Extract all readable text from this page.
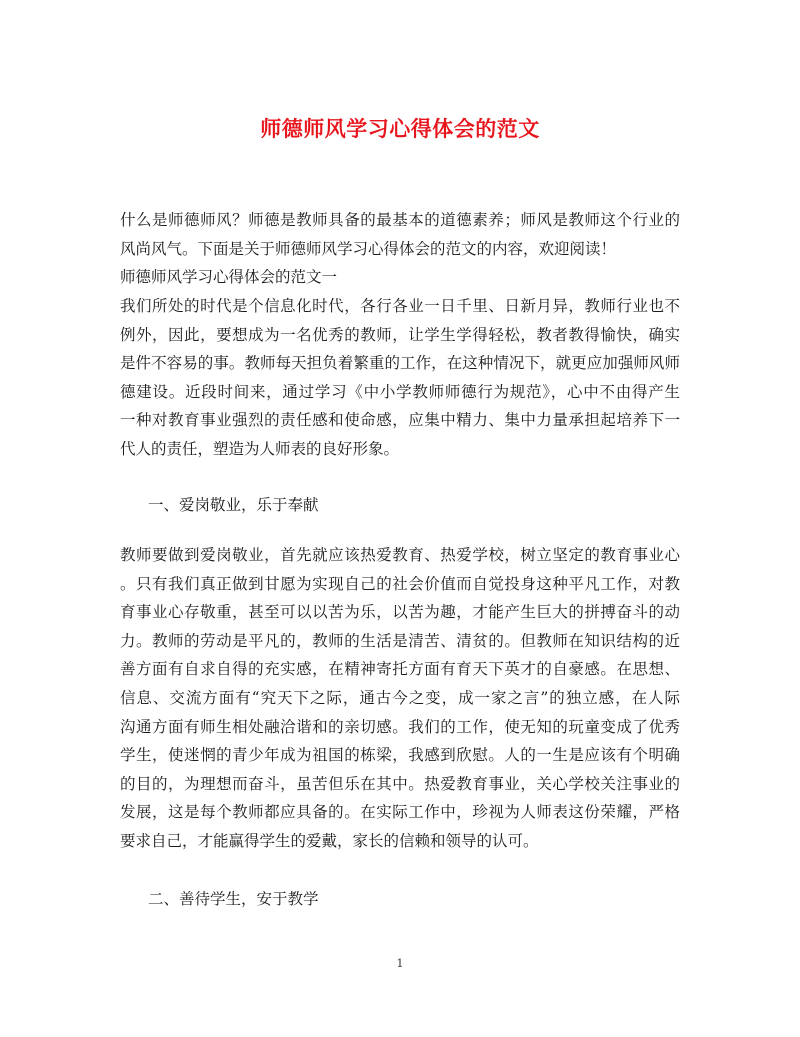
师德师风学习心得体会的范文
什么是师德师风？师德是教师具备的最基本的道德素养；师风是教师这个行业的
风尚风气。下面是关于师德师风学习心得体会的范文的内容，欢迎阅读！
师德师风学习心得体会的范文一
我们所处的时代是个信息化时代，各行各业一日千里、日新月异，教师行业也不
例外，因此，要想成为一名优秀的教师，让学生学得轻松，教者教得愉快，确实
是件不容易的事。教师每天担负着繁重的工作，在这种情况下，就更应加强师风师
德建设。近段时间来，通过学习《中小学教师师德行为规范》，心中不由得产生
一种对教育事业强烈的责任感和使命感，应集中精力、集中力量承担起培养下一
代人的责任，塑造为人师表的良好形象。
一、爱岗敬业，乐于奉献
教师要做到爱岗敬业，首先就应该热爱教育、热爱学校，树立坚定的教育事业心
。只有我们真正做到甘愿为实现自己的社会价值而自觉投身这种平凡工作，对教
育事业心存敬重，甚至可以以苦为乐，以苦为趣，才能产生巨大的拼搏奋斗的动
力。教师的劳动是平凡的，教师的生活是清苦、清贫的。但教师在知识结构的近
善方面有自求自得的充实感，在精神寄托方面有育天下英才的自豪感。在思想、
信息、交流方面有“究天下之际，通古今之变，成一家之言”的独立感，在人际
沟通方面有师生相处融洽谐和的亲切感。我们的工作，使无知的玩童变成了优秀
学生，使迷惘的青少年成为祖国的栋梁，我感到欣慰。人的一生是应该有个明确
的目的，为理想而奋斗，虽苦但乐在其中。热爱教育事业，关心学校关注事业的
发展，这是每个教师都应具备的。在实际工作中，珍视为人师表这份荣耀，严格
要求自己，才能赢得学生的爱戴，家长的信赖和领导的认可。
二、善待学生，安于教学
1
